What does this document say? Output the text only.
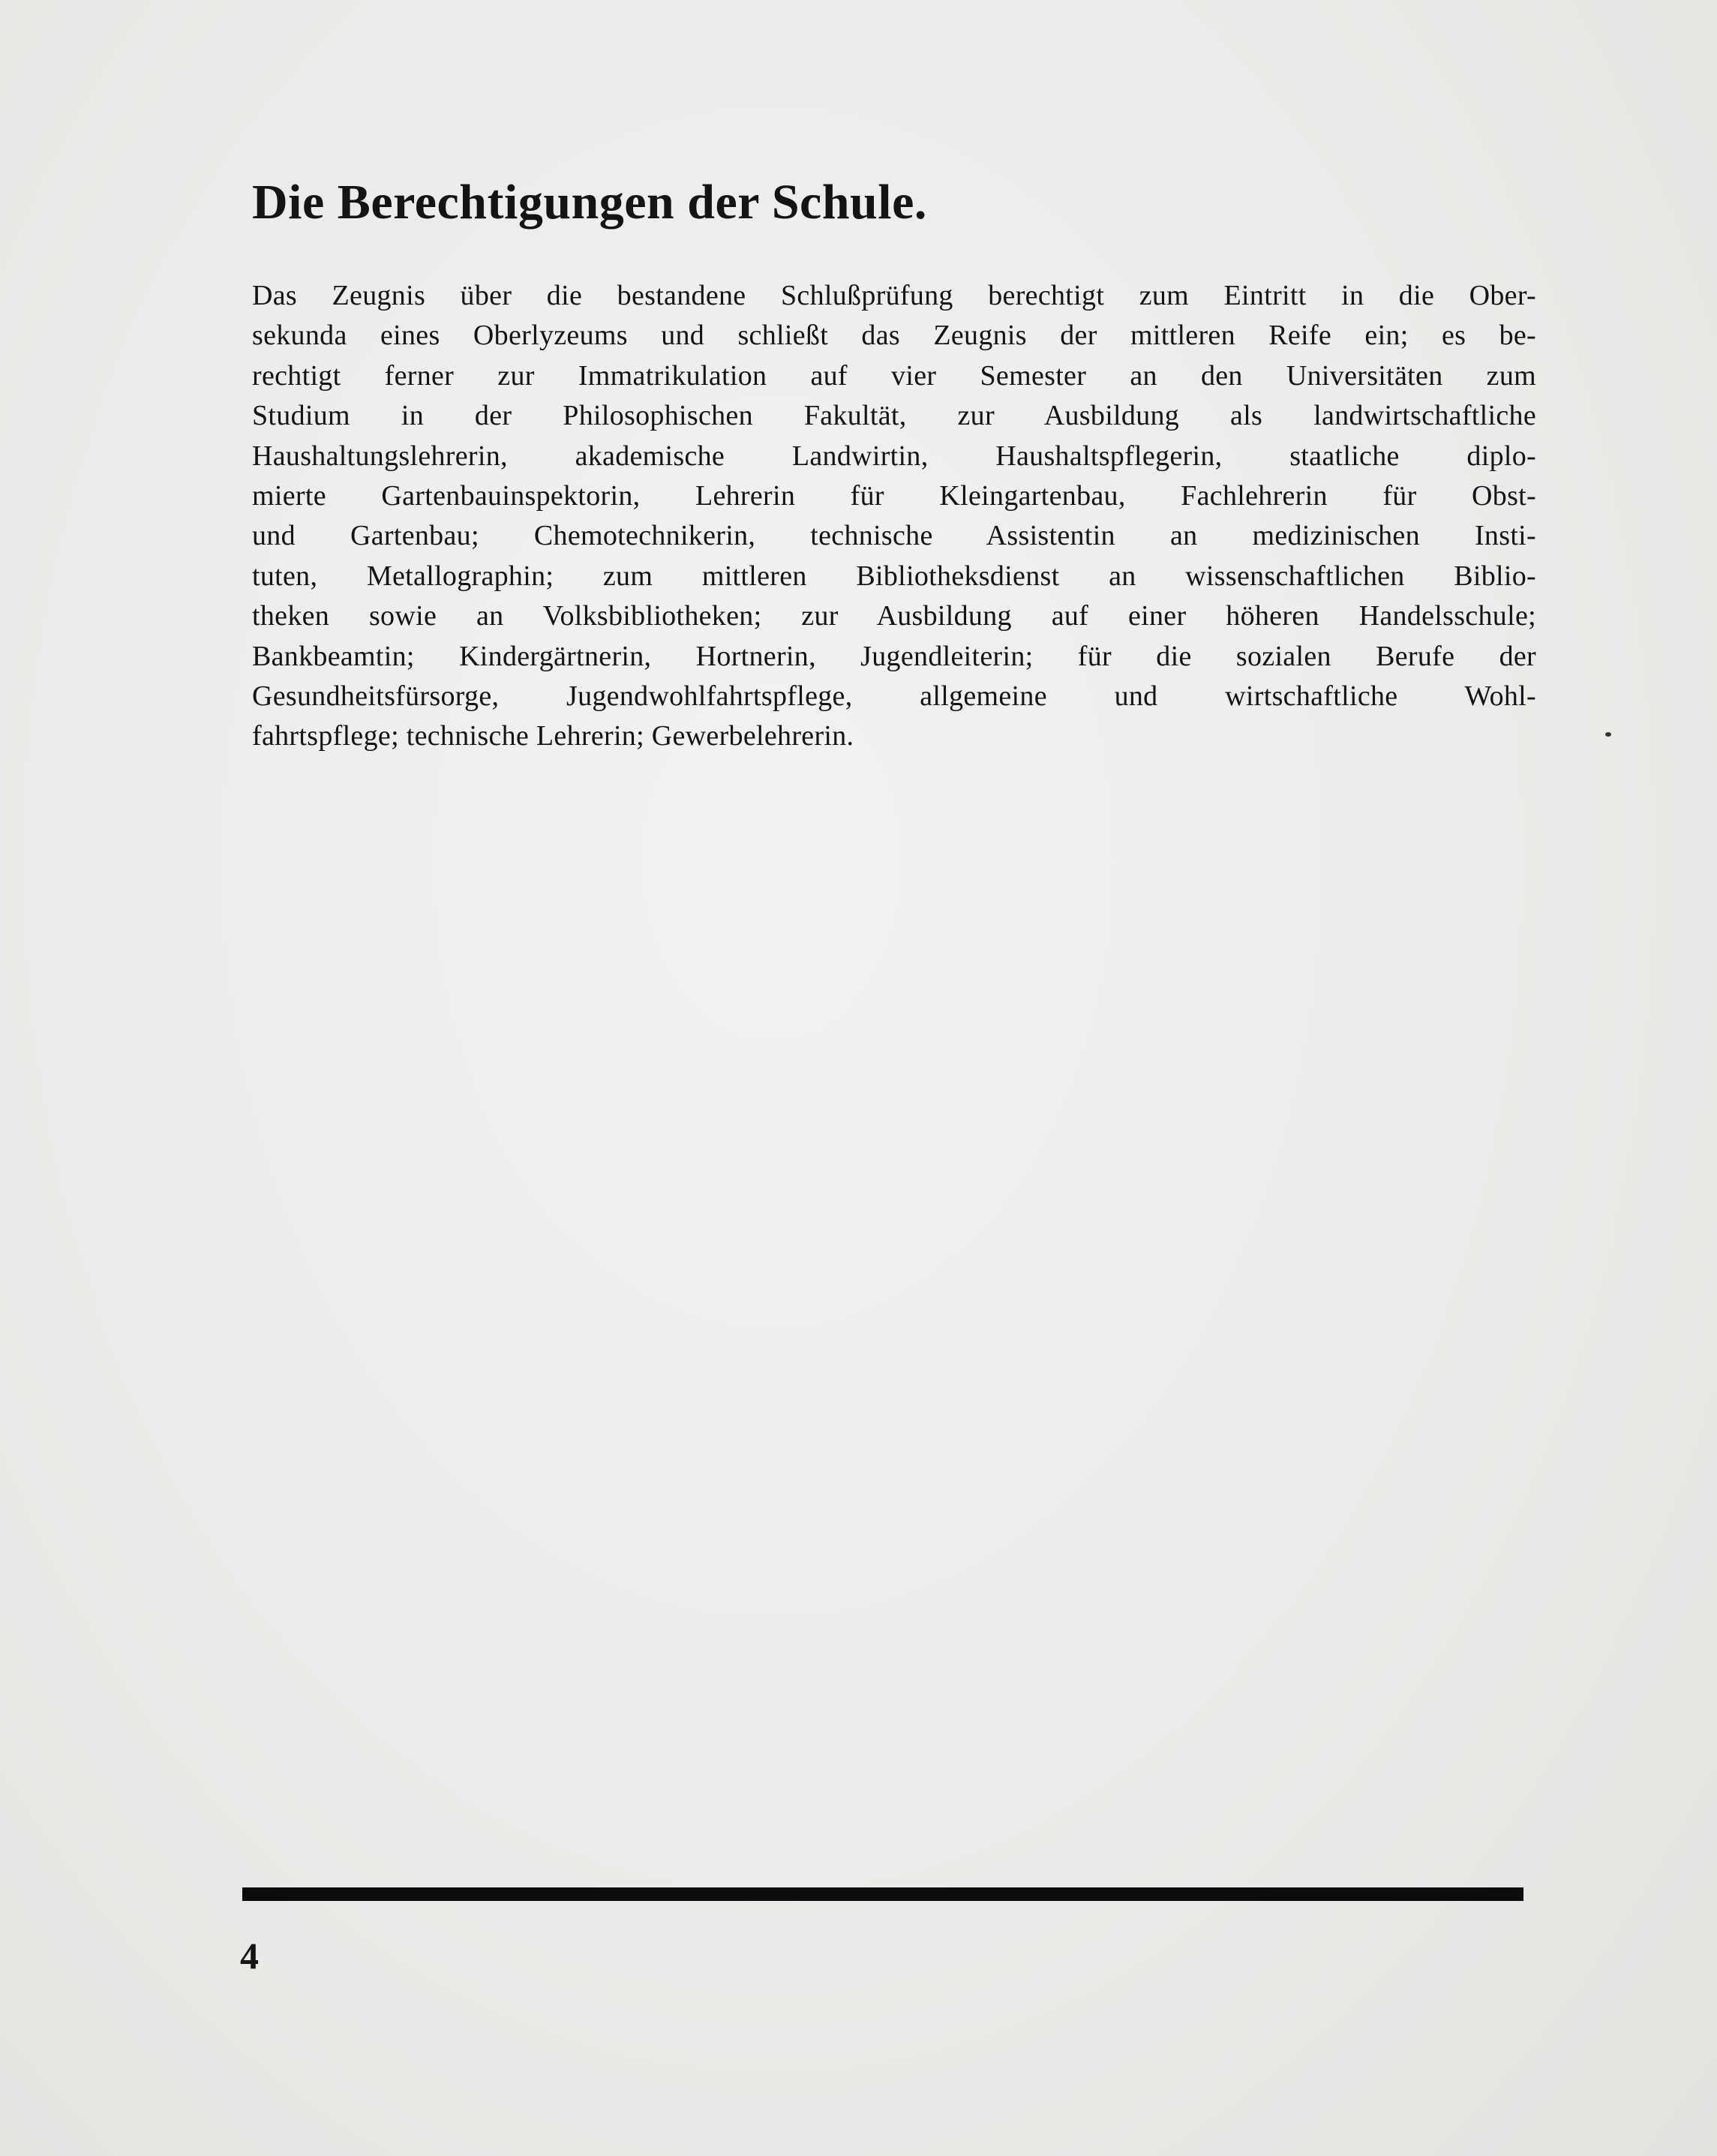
Die Berechtigungen der Schule.
Das Zeugnis über die bestandene Schlußprüfung berechtigt zum Eintritt in die Ober-
sekunda eines Oberlyzeums und schließt das Zeugnis der mittleren Reife ein; es be-
rechtigt ferner zur Immatrikulation auf vier Semester an den Universitäten zum
Studium in der Philosophischen Fakultät, zur Ausbildung als landwirtschaftliche
Haushaltungslehrerin, akademische Landwirtin, Haushaltspflegerin, staatliche diplo-
mierte Gartenbauinspektorin, Lehrerin für Kleingartenbau, Fachlehrerin für Obst-
und Gartenbau; Chemotechnikerin, technische Assistentin an medizinischen Insti-
tuten, Metallographin; zum mittleren Bibliotheksdienst an wissenschaftlichen Biblio-
theken sowie an Volksbibliotheken; zur Ausbildung auf einer höheren Handelsschule;
Bankbeamtin; Kindergärtnerin, Hortnerin, Jugendleiterin; für die sozialen Berufe der
Gesundheitsfürsorge, Jugendwohlfahrtspflege, allgemeine und wirtschaftliche Wohl-
fahrtspflege; technische Lehrerin; Gewerbelehrerin.
4
